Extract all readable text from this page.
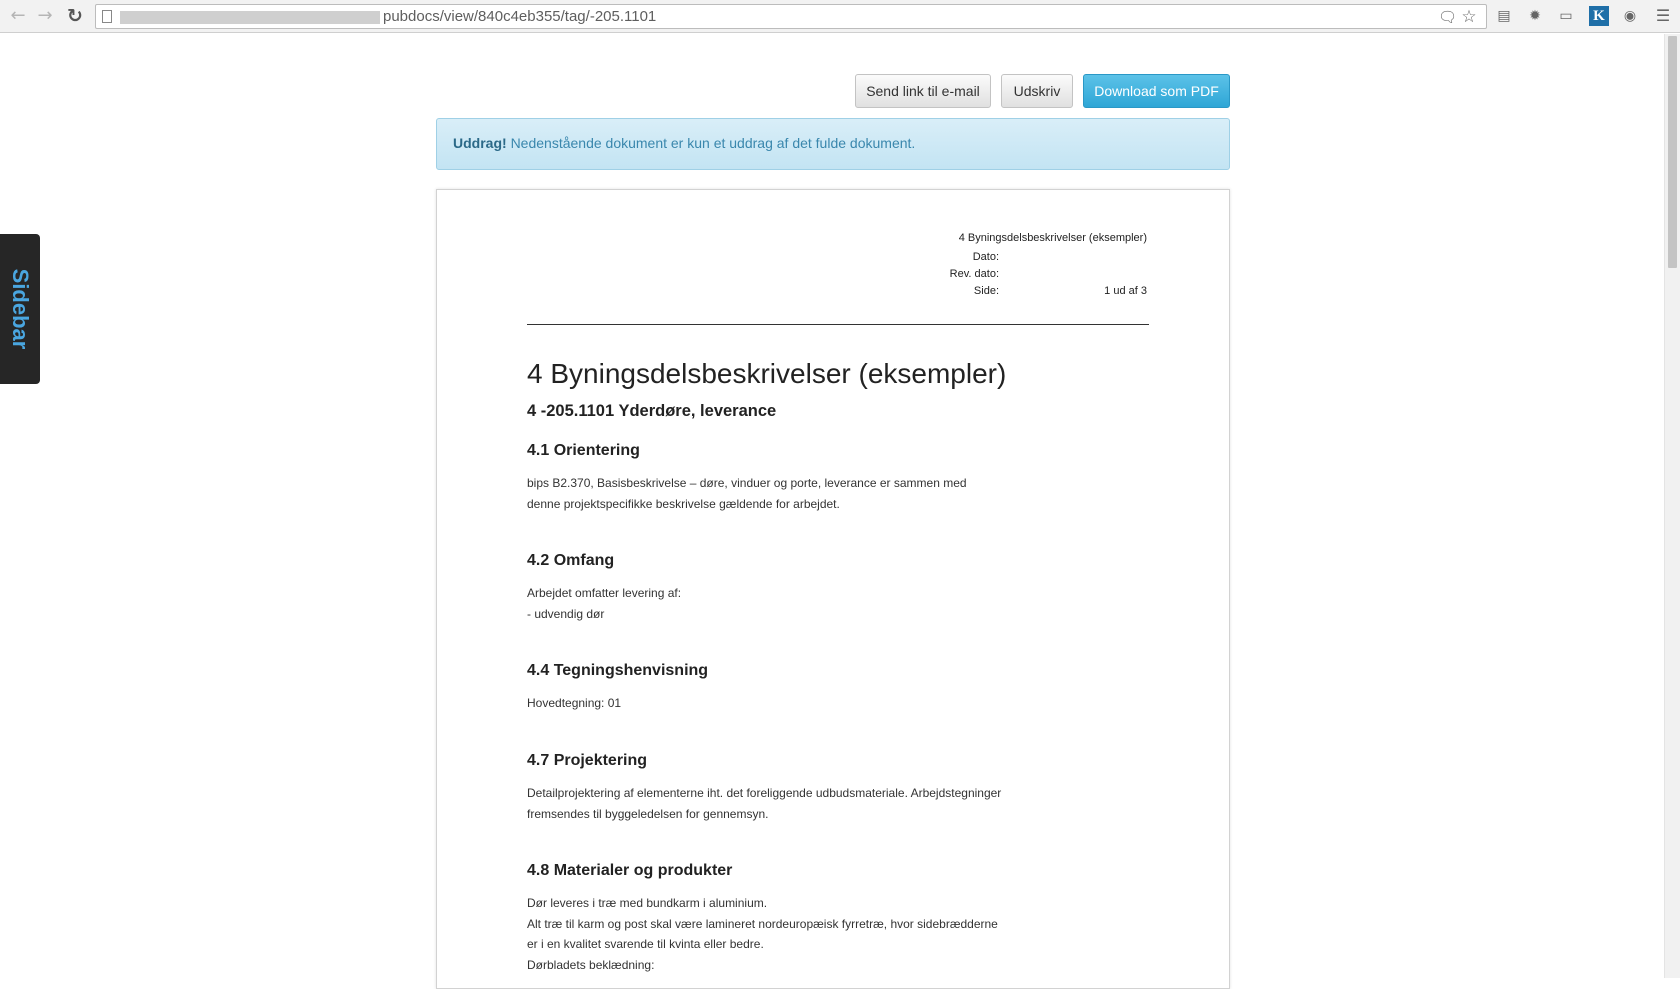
← → ↻	pubdocs/view/840c4eb355/tag/-205.1101	🗨 ☆ ▤ ✹ ▭ K ◉ ☰
Sidebar
Send link til e-mail	Udskriv	Download som PDF
Uddrag! Nedenstående dokument er kun et uddrag af det fulde dokument.
4 Byningsdelsbeskrivelser (eksempler)
Dato:
Rev. dato:
Side:	1 ud af 3
4 Byningsdelsbeskrivelser (eksempler)
4 -205.1101 Yderdøre, leverance
4.1 Orientering
bips B2.370, Basisbeskrivelse – døre, vinduer og porte, leverance er sammen med
denne projektspecifikke beskrivelse gældende for arbejdet.
4.2 Omfang
Arbejdet omfatter levering af:
- udvendig dør
4.4 Tegningshenvisning
Hovedtegning: 01
4.7 Projektering
Detailprojektering af elementerne iht. det foreliggende udbudsmateriale. Arbejdstegninger
fremsendes til byggeledelsen for gennemsyn.
4.8 Materialer og produkter
Dør leveres i træ med bundkarm i aluminium.
Alt træ til karm og post skal være lamineret nordeuropæisk fyrretræ, hvor sidebrædderne
er i en kvalitet svarende til kvinta eller bedre.
Dørbladets beklædning:
